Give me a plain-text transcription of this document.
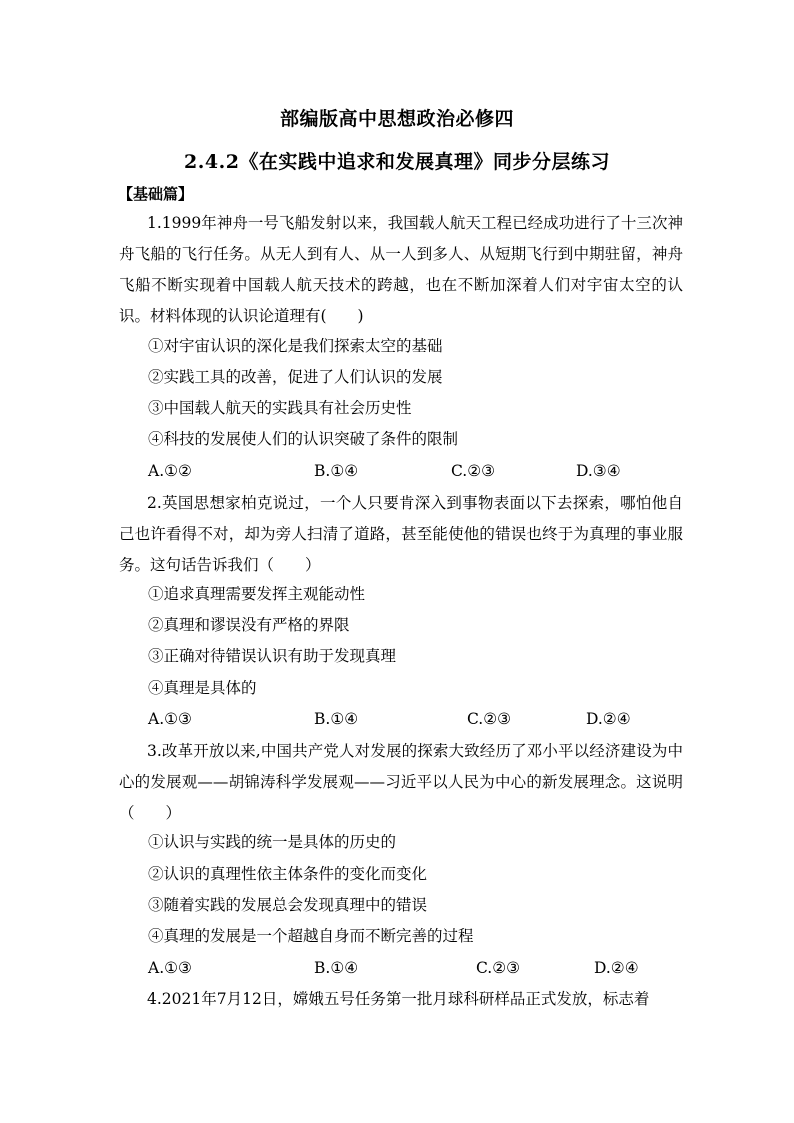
部编版高中思想政治必修四
2.4.2《在实践中追求和发展真理》同步分层练习
【基础篇】
1.1999年神舟一号飞船发射以来，我国载人航天工程已经成功进行了十三次神舟飞船的飞行任务。从无人到有人、从一人到多人、从短期飞行到中期驻留，神舟飞船不断实现着中国载人航天技术的跨越，也在不断加深着人们对宇宙太空的认识。材料体现的认识论道理有(　　)
①对宇宙认识的深化是我们探索太空的基础
②实践工具的改善，促进了人们认识的发展
③中国载人航天的实践具有社会历史性
④科技的发展使人们的认识突破了条件的限制
A.①②	B.①④	C.②③	D.③④
2.英国思想家柏克说过，一个人只要肯深入到事物表面以下去探索，哪怕他自己也许看得不对，却为旁人扫清了道路，甚至能使他的错误也终于为真理的事业服务。这句话告诉我们（　　）
①追求真理需要发挥主观能动性
②真理和谬误没有严格的界限
③正确对待错误认识有助于发现真理
④真理是具体的
A.①③	B.①④	C.②③	D.②④
3.改革开放以来,中国共产党人对发展的探索大致经历了邓小平以经济建设为中心的发展观——胡锦涛科学发展观——习近平以人民为中心的新发展理念。这说明（　　）
①认识与实践的统一是具体的历史的
②认识的真理性依主体条件的变化而变化
③随着实践的发展总会发现真理中的错误
④真理的发展是一个超越自身而不断完善的过程
A.①③	B.①④	C.②③	D.②④
4.2021年7月12日，嫦娥五号任务第一批月球科研样品正式发放，标志着
